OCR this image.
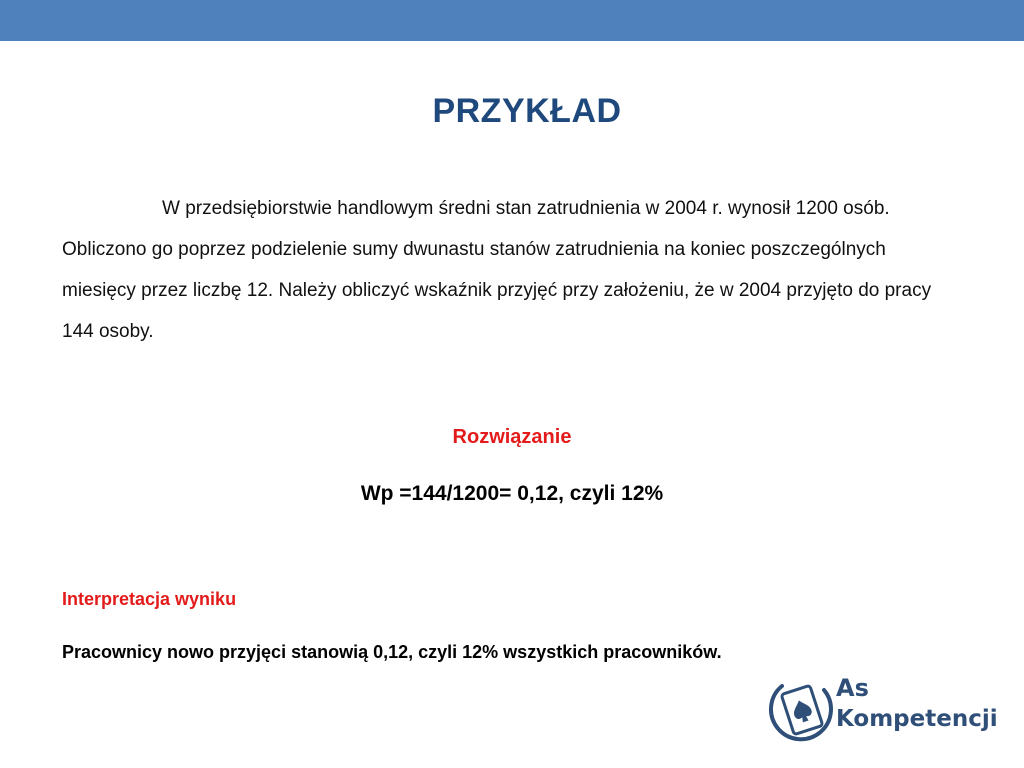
PRZYKŁAD

W przedsiębiorstwie handlowym średni stan zatrudnienia w 2004 r. wynosił 1200 osób. Obliczono go poprzez podzielenie sumy dwunastu stanów zatrudnienia na koniec poszczególnych miesięcy przez liczbę 12. Należy obliczyć wskaźnik przyjęć przy założeniu, że w 2004 przyjęto do pracy 144 osoby.

Rozwiązanie
Wp =144/1200= 0,12, czyli 12%
Interpretacja wyniku
Pracownicy nowo przyjęci stanowią 0,12, czyli 12% wszystkich pracowników.
As
Kompetencji
